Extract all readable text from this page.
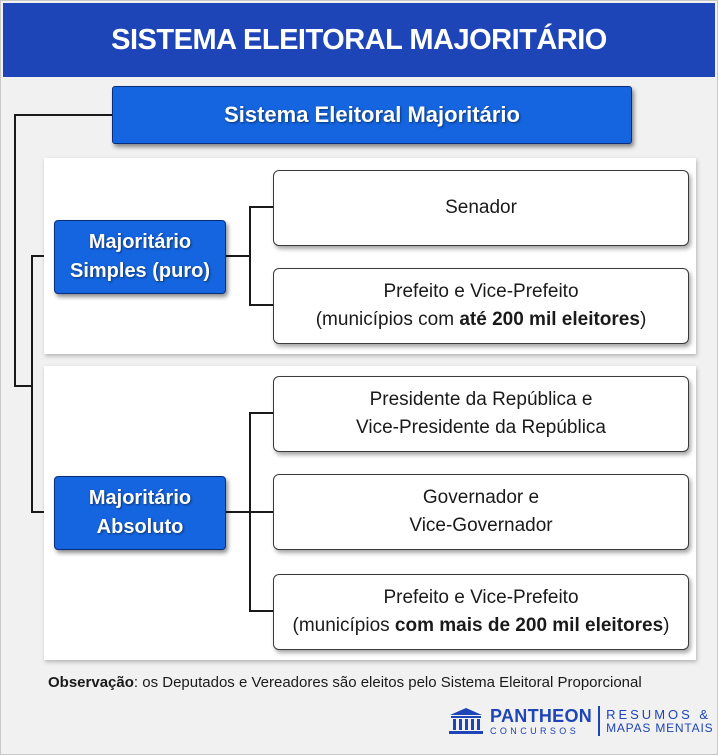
SISTEMA ELEITORAL MAJORITÁRIO
Sistema Eleitoral Majoritário
Majoritário
Simples (puro)
Majoritário
Absoluto
Senador
Prefeito e Vice-Prefeito
(municípios com até 200 mil eleitores)
Presidente da República e
Vice-Presidente da República
Governador e
Vice-Governador
Prefeito e Vice-Prefeito
(municípios com mais de 200 mil eleitores)
Observação: os Deputados e Vereadores são eleitos pelo Sistema Eleitoral Proporcional
PANTHEON
CONCURSOS
RESUMOS &
MAPAS MENTAIS
